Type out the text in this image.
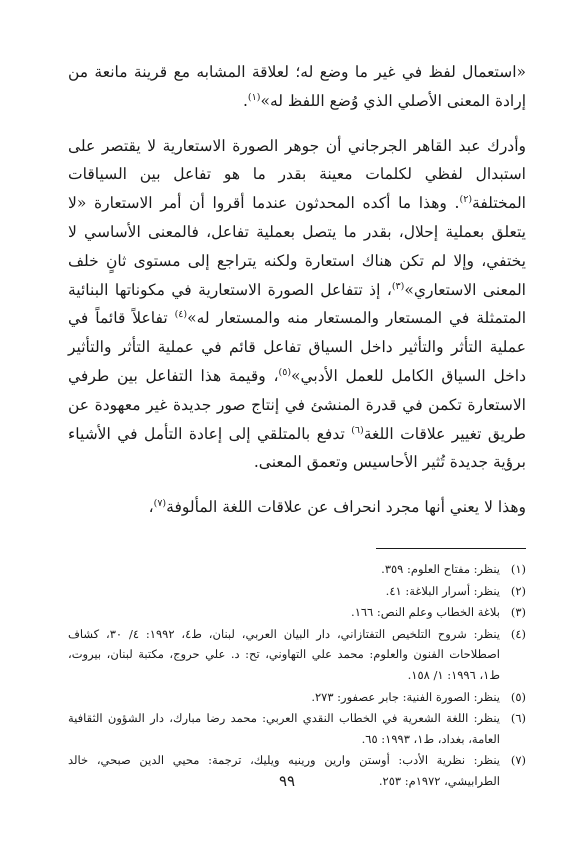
«استعمال لفظ في غير ما وضع له؛ لعلاقة المشابه مع قرينة مانعة من إرادة المعنى الأصلي الذي وُضع اللفظ له»$^{(١)}$.

وأدرك عبد القاهر الجرجاني أن جوهر الصورة الاستعارية لا يقتصر على استبدال لفظي لكلمات معينة بقدر ما هو تفاعل بين السياقات المختلفة$^{(٢)}$. وهذا ما أكده المحدثون عندما أقروا أن أمر الاستعارة «لا يتعلق بعملية إحلال، بقدر ما يتصل بعملية تفاعل، فالمعنى الأساسي لا يختفي، وإلا لم تكن هناك استعارة ولكنه يتراجع إلى مستوى ثانٍ خلف المعنى الاستعاري»$^{(٣)}$، إذ تتفاعل الصورة الاستعارية في مكوناتها البنائية المتمثلة في المستعار والمستعار منه والمستعار له»$^{(٤)}$ تفاعلاً قائماً في عملية التأثر والتأثير داخل السياق تفاعل قائم في عملية التأثر والتأثير داخل السياق الكامل للعمل الأدبي»$^{(٥)}$، وقيمة هذا التفاعل بين طرفي الاستعارة تكمن في قدرة المنشئ في إنتاج صور جديدة غير معهودة عن طريق تغيير علاقات اللغة$^{(٦)}$ تدفع بالمتلقي إلى إعادة التأمل في الأشياء برؤية جديدة تُثير الأحاسيس وتعمق المعنى.

وهذا لا يعني أنها مجرد انحراف عن علاقات اللغة المألوفة$^{(٧)}$،

(١)
ينظر: مفتاح العلوم: ٣٥٩.
(٢)
ينظر: أسرار البلاغة: ٤١.
(٣)
بلاغة الخطاب وعلم النص: ١٦٦.
(٤)
ينظر: شروح التلخيص التفتازاني، دار البيان العربي، لبنان، ط٤، ١٩٩٢: ٤/ ٣٠، كشاف اصطلاحات الفنون والعلوم: محمد علي التهاوني، تح: د. علي حروج، مكتبة لبنان، بيروت، ط١، ١٩٩٦: ١/ ١٥٨.
(٥)
ينظر: الصورة الفنية: جابر عصفور: ٢٧٣.
(٦)
ينظر: اللغة الشعرية في الخطاب النقدي العربي: محمد رضا مبارك، دار الشؤون الثقافية العامة، بغداد، ط١، ١٩٩٣: ٦٥.
(٧)
ينظر: نظرية الأدب: أوستن وارين ورينيه ويليك، ترجمة: محيي الدين صبحي، خالد الطرابيشي، ١٩٧٢م: ٢٥٣.
٩٩
